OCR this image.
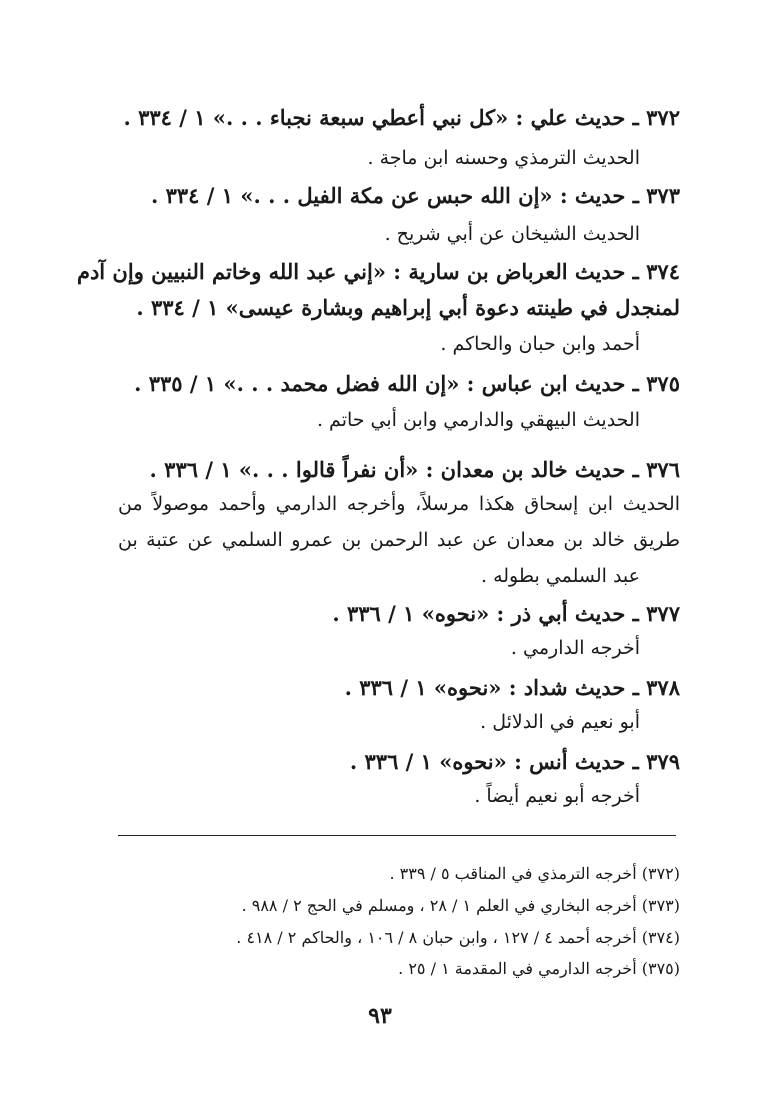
٣٧٢ ـ حديث علي : «كل نبي أعطي سبعة نجباء . . .» ١ / ٣٣٤ .
الحديث الترمذي وحسنه ابن ماجة .
٣٧٣ ـ حديث : «إن الله حبس عن مكة الفيل . . .» ١ / ٣٣٤ .
الحديث الشيخان عن أبي شريح .
٣٧٤ ـ حديث العرباض بن سارية : «إني عبد الله وخاتم النبيين وإن آدم
لمنجدل في طينته دعوة أبي إبراهيم وبشارة عيسى» ١ / ٣٣٤ .
أحمد وابن حبان والحاكم .
٣٧٥ ـ حديث ابن عباس : «إن الله فضل محمد . . .» ١ / ٣٣٥ .
الحديث البيهقي والدارمي وابن أبي حاتم .
٣٧٦ ـ حديث خالد بن معدان : «أن نفراً قالوا . . .» ١ / ٣٣٦ .
الحديث ابن إسحاق هكذا مرسلاً، وأخرجه الدارمي وأحمد موصولاً من
طريق خالد بن معدان عن عبد الرحمن بن عمرو السلمي عن عتبة بن
عبد السلمي بطوله .
٣٧٧ ـ حديث أبي ذر : «نحوه» ١ / ٣٣٦ .
أخرجه الدارمي .
٣٧٨ ـ حديث شداد : «نحوه» ١ / ٣٣٦ .
أبو نعيم في الدلائل .
٣٧٩ ـ حديث أنس : «نحوه» ١ / ٣٣٦ .
أخرجه أبو نعيم أيضاً .
(٣٧٢) أخرجه الترمذي في المناقب ٥ / ٣٣٩ .
(٣٧٣) أخرجه البخاري في العلم ١ / ٢٨ ، ومسلم في الحج ٢ / ٩٨٨ .
(٣٧٤) أخرجه أحمد ٤ / ١٢٧ ، وابن حبان ٨ / ١٠٦ ، والحاكم ٢ / ٤١٨ .
(٣٧٥) أخرجه الدارمي في المقدمة ١ / ٢٥ .
٩٣
